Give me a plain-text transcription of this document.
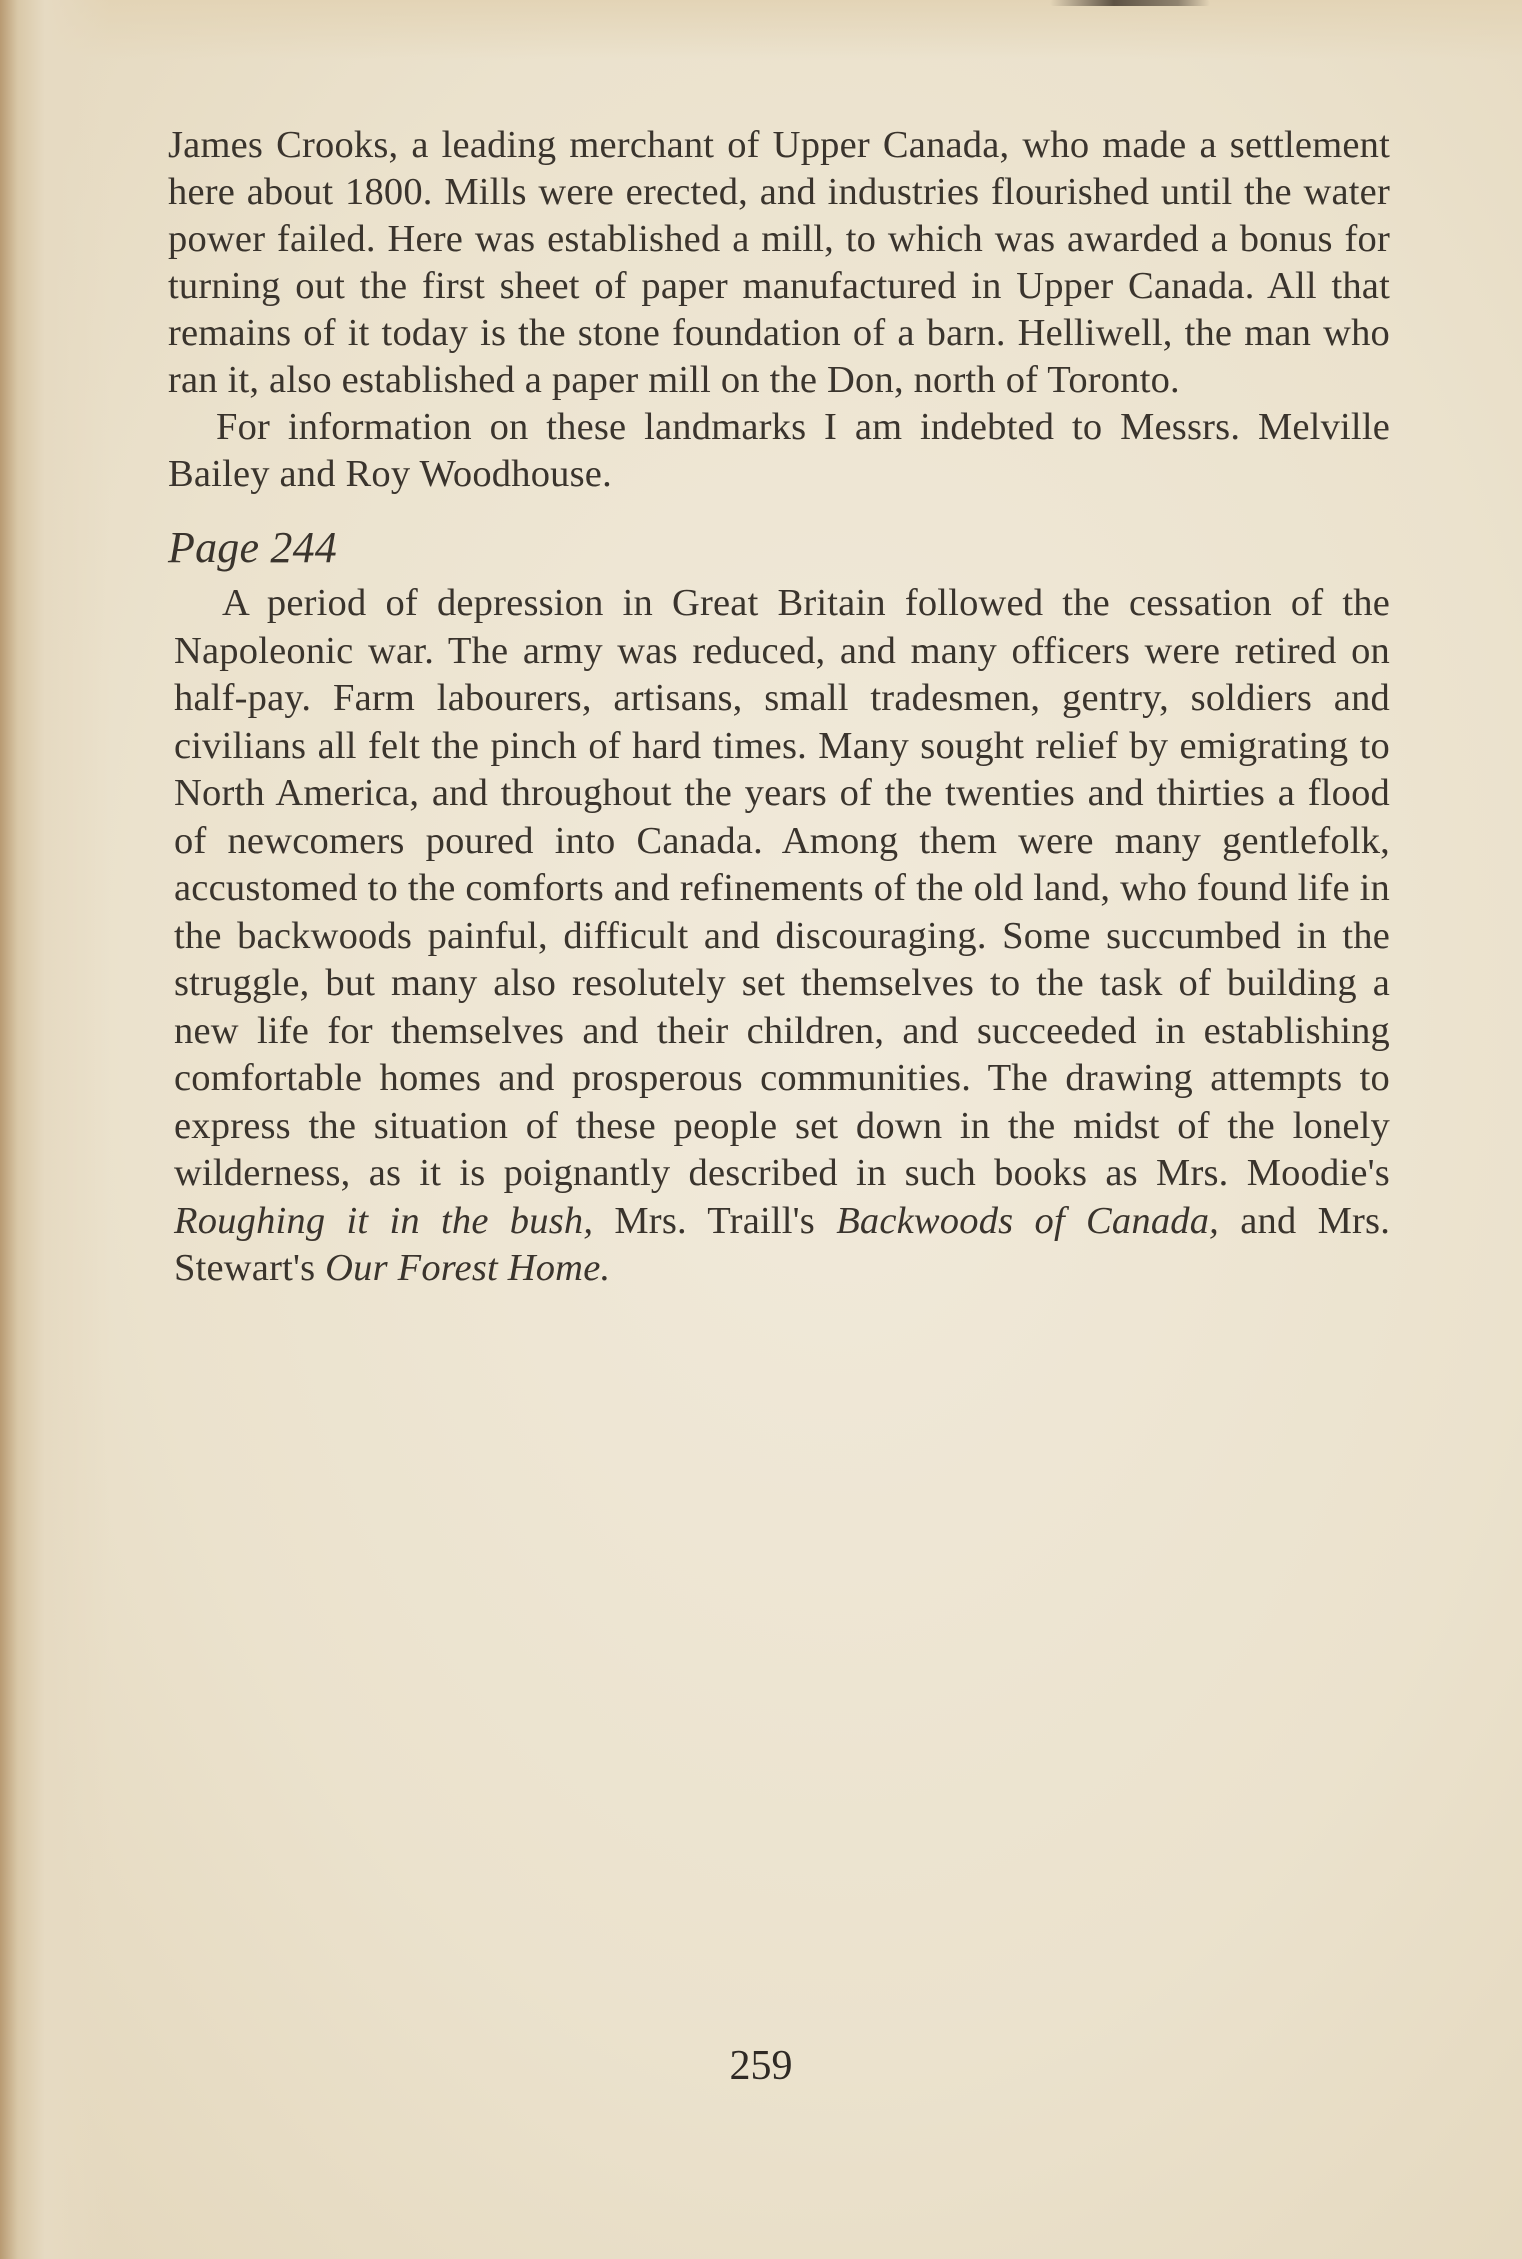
James Crooks, a leading merchant of Upper Canada, who made a settlement here about 1800. Mills were erected, and industries flourished until the water power failed. Here was established a mill, to which was awarded a bonus for turning out the first sheet of paper manufactured in Upper Canada. All that remains of it today is the stone foundation of a barn. Helliwell, the man who ran it, also established a paper mill on the Don, north of Toronto.

For information on these landmarks I am indebted to Messrs. Melville Bailey and Roy Woodhouse.

Page 244

A period of depression in Great Britain followed the cessation of the Napoleonic war. The army was reduced, and many officers were retired on half-pay. Farm labourers, artisans, small tradesmen, gentry, soldiers and civilians all felt the pinch of hard times. Many sought relief by emigrating to North America, and throughout the years of the twenties and thirties a flood of newcomers poured into Canada. Among them were many gentlefolk, accustomed to the comforts and refinements of the old land, who found life in the backwoods painful, difficult and discouraging. Some succumbed in the struggle, but many also resolutely set themselves to the task of building a new life for themselves and their children, and succeeded in establishing comfortable homes and prosperous communities. The drawing attempts to express the situation of these people set down in the midst of the lonely wilderness, as it is poignantly described in such books as Mrs. Moodie's Roughing it in the bush, Mrs. Traill's Backwoods of Canada, and Mrs. Stewart's Our Forest Home.

259
